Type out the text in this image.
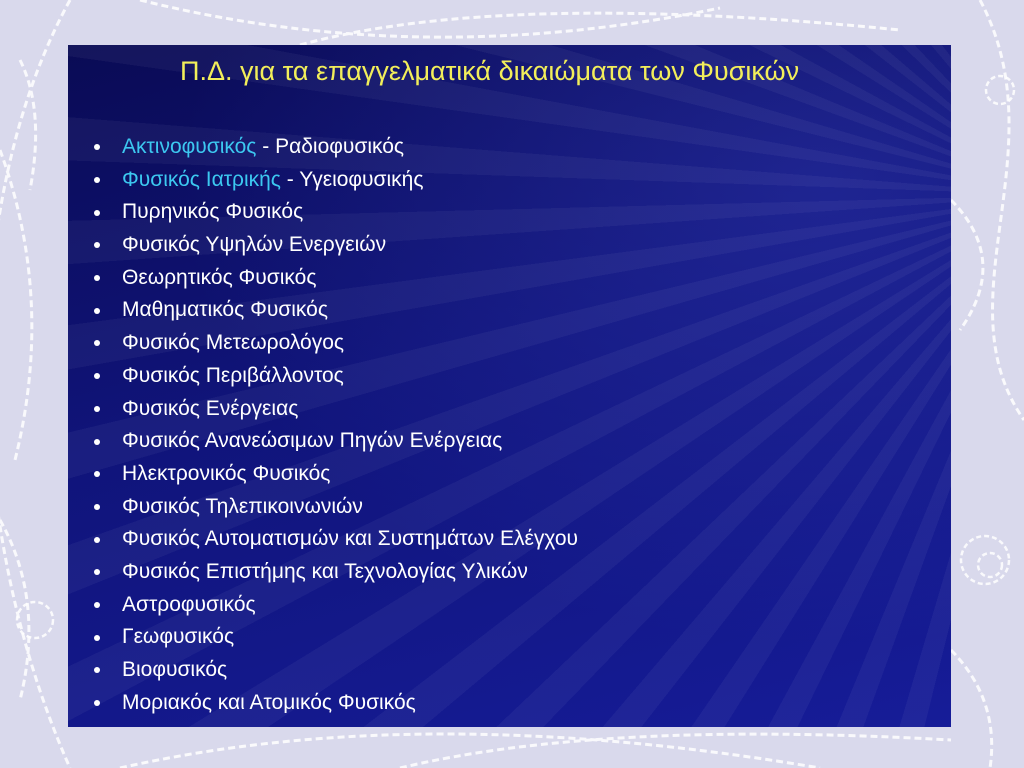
Π.Δ. για τα επαγγελματικά δικαιώματα των Φυσικών
Ακτινοφυσικός - Ραδιοφυσικός
Φυσικός Ιατρικής - Υγειοφυσικής
Πυρηνικός Φυσικός
Φυσικός Υψηλών Ενεργειών
Θεωρητικός Φυσικός
Μαθηματικός Φυσικός
Φυσικός Μετεωρολόγος
Φυσικός Περιβάλλοντος
Φυσικός Ενέργειας
Φυσικός Ανανεώσιμων Πηγών Ενέργειας
Ηλεκτρονικός Φυσικός
Φυσικός Τηλεπικοινωνιών
Φυσικός Αυτοματισμών και Συστημάτων Ελέγχου
Φυσικός Επιστήμης και Τεχνολογίας Υλικών
Αστροφυσικός
Γεωφυσικός
Βιοφυσικός
Μοριακός και Ατομικός Φυσικός
